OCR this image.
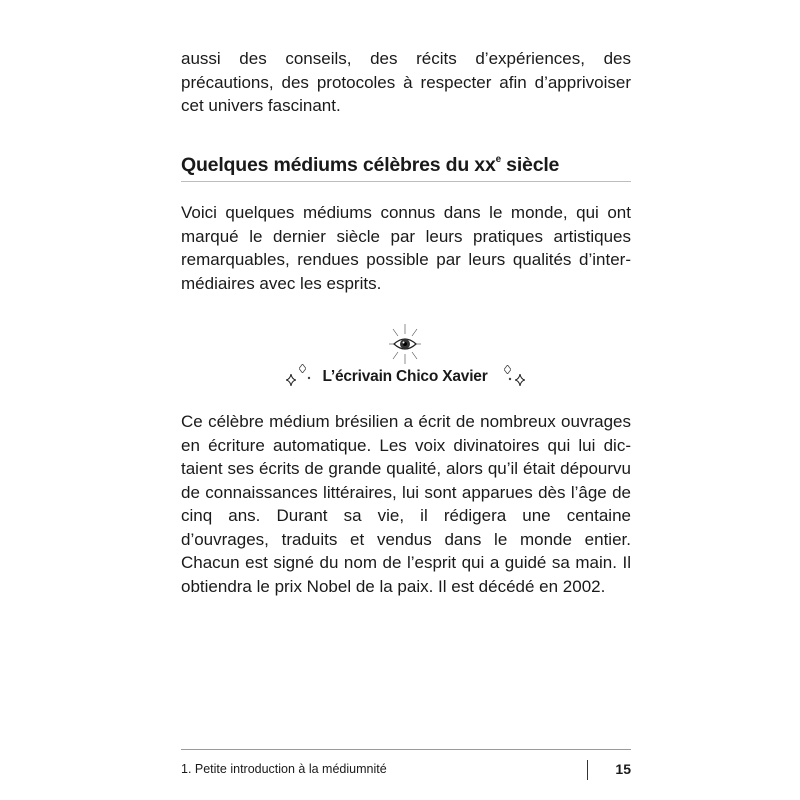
aussi des conseils, des récits d’expériences, des précautions, des protocoles à respecter afin d’apprivoiser cet univers fascinant.

Quelques médiums célèbres du $xx^e$ siècle

Voici quelques médiums connus dans le monde, qui ont marqué le dernier siècle par leurs pratiques artistiques remarquables, rendues possible par leurs qualités d’intermédiaires avec les esprits.

L’écrivain Chico Xavier

Ce célèbre médium brésilien a écrit de nombreux ouvrages en écriture automatique. Les voix divinatoires qui lui dictaient ses écrits de grande qualité, alors qu’il était dépourvu de connaissances littéraires, lui sont apparues dès l’âge de cinq ans. Durant sa vie, il rédigera une centaine d’ouvrages, traduits et vendus dans le monde entier. Chacun est signé du nom de l’esprit qui a guidé sa main. Il obtiendra le prix Nobel de la paix. Il est décédé en 2002.

1. Petite introduction à la médiumnité	15
